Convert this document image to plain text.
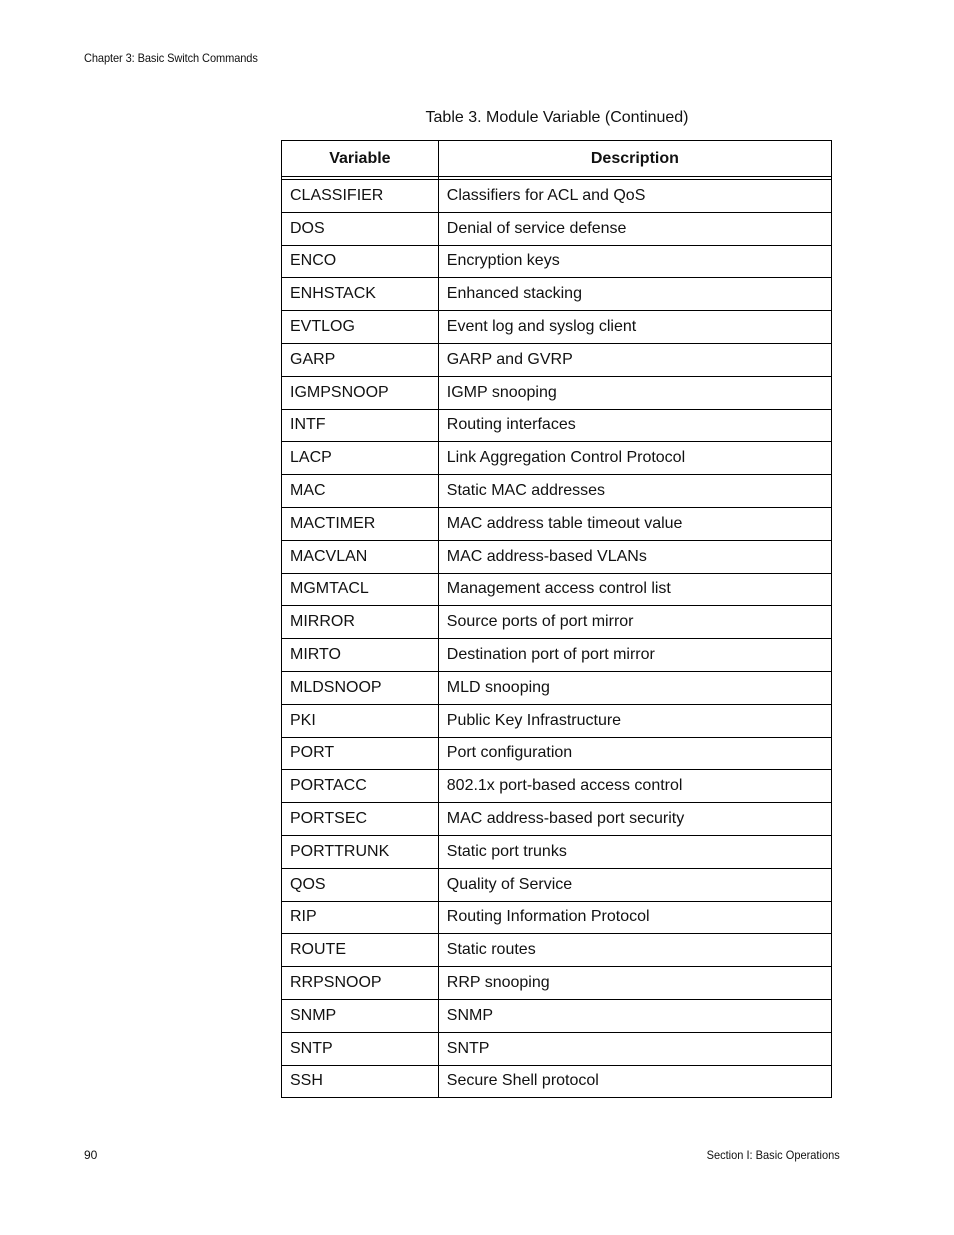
Chapter 3: Basic Switch Commands
Table 3. Module Variable (Continued)
Variable	Description

CLASSIFIER	Classifiers for ACL and QoS
DOS	Denial of service defense
ENCO	Encryption keys
ENHSTACK	Enhanced stacking
EVTLOG	Event log and syslog client
GARP	GARP and GVRP
IGMPSNOOP	IGMP snooping
INTF	Routing interfaces
LACP	Link Aggregation Control Protocol
MAC	Static MAC addresses
MACTIMER	MAC address table timeout value
MACVLAN	MAC address-based VLANs
MGMTACL	Management access control list
MIRROR	Source ports of port mirror
MIRTO	Destination port of port mirror
MLDSNOOP	MLD snooping
PKI	Public Key Infrastructure
PORT	Port configuration
PORTACC	802.1x port-based access control
PORTSEC	MAC address-based port security
PORTTRUNK	Static port trunks
QOS	Quality of Service
RIP	Routing Information Protocol
ROUTE	Static routes
RRPSNOOP	RRP snooping
SNMP	SNMP
SNTP	SNTP
SSH	Secure Shell protocol
90	Section I: Basic Operations
